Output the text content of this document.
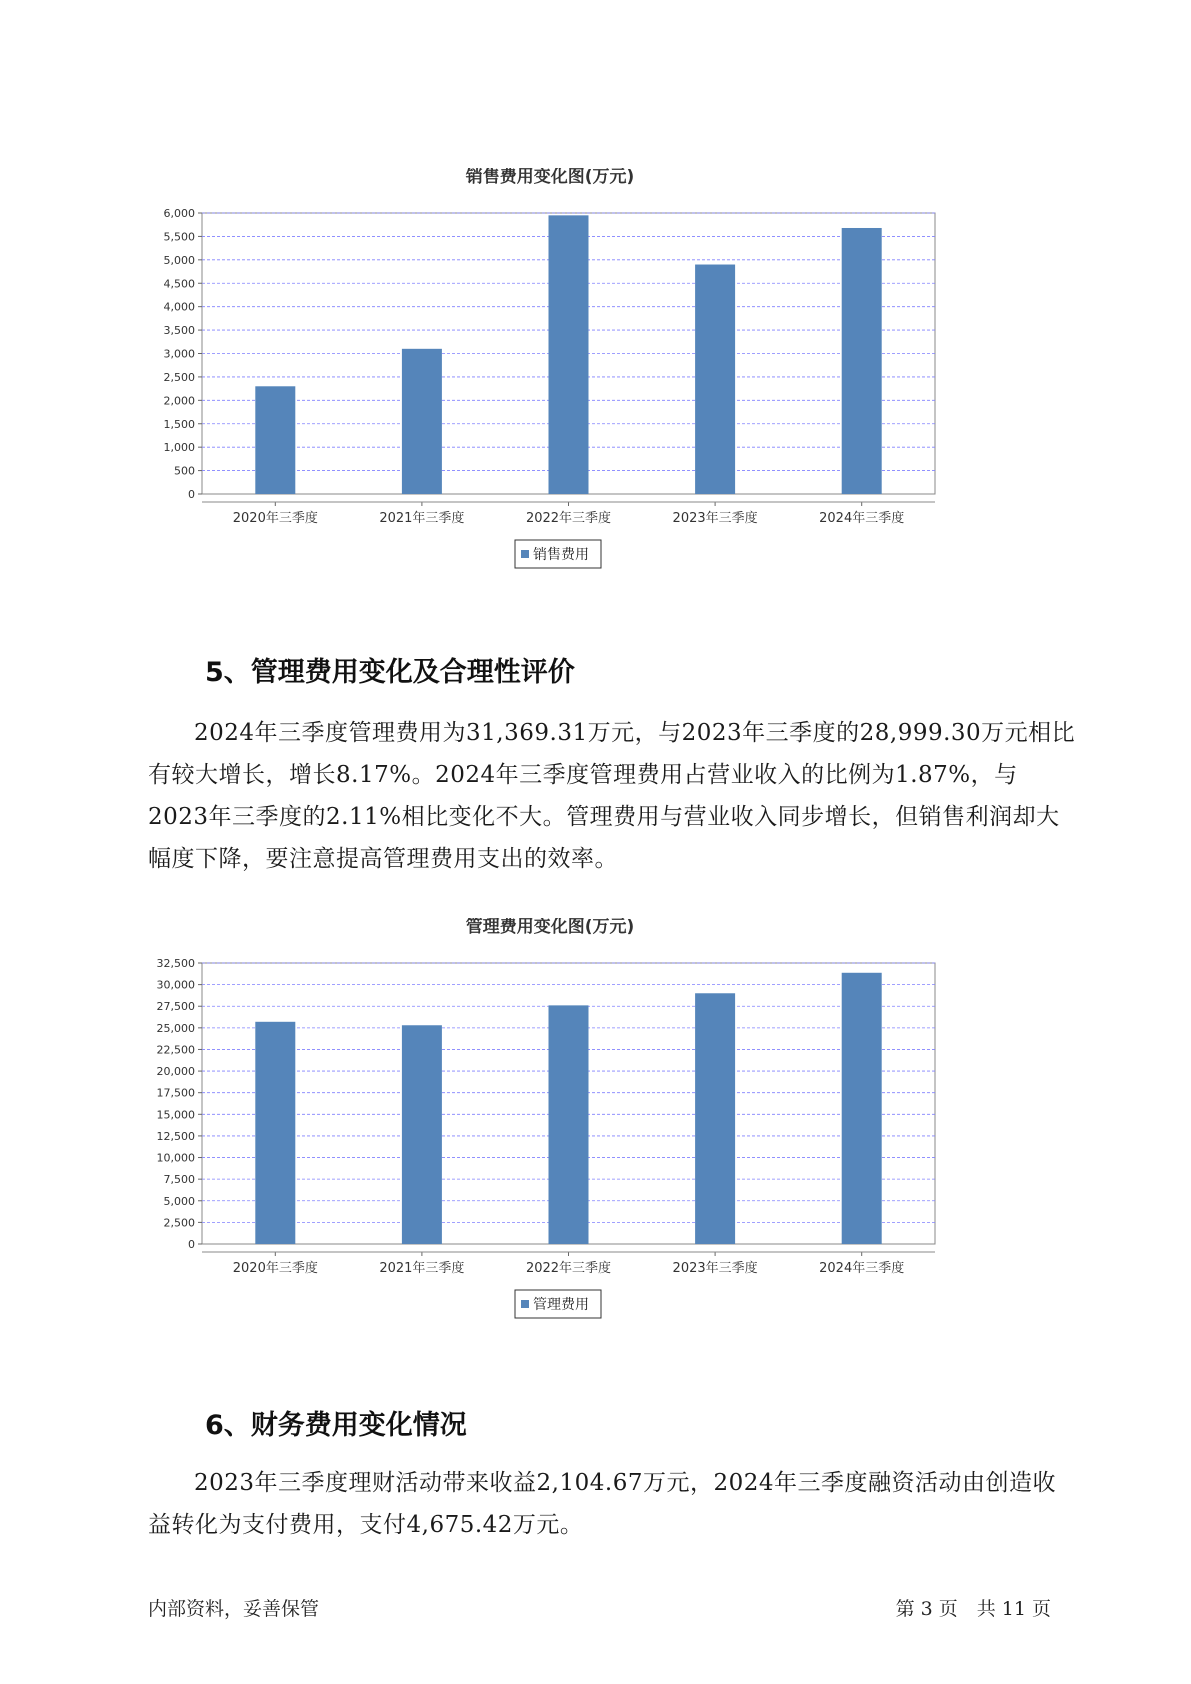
销售费用变化图(万元)
0
500
1,000
1,500
2,000
2,500
3,000
3,500
4,000
4,500
5,000
5,500
6,000
2020年三季度	2021年三季度	2022年三季度	2023年三季度	2024年三季度
销售费用
5、管理费用变化及合理性评价

2024年三季度管理费用为31,369.31万元，与2023年三季度的28,999.30万元相比有较大增长，增长8.17%。2024年三季度管理费用占营业收入的比例为1.87%，与2023年三季度的2.11%相比变化不大。管理费用与营业收入同步增长，但销售利润却大幅度下降，要注意提高管理费用支出的效率。

管理费用变化图(万元)
0
2,500
5,000
7,500
10,000
12,500
15,000
17,500
20,000
22,500
25,000
27,500
30,000
32,500
2020年三季度	2021年三季度	2022年三季度	2023年三季度	2024年三季度
管理费用
6、财务费用变化情况

2023年三季度理财活动带来收益2,104.67万元，2024年三季度融资活动由创造收益转化为支付费用，支付4,675.42万元。

内部资料，妥善保管	第 3 页　共 11 页
